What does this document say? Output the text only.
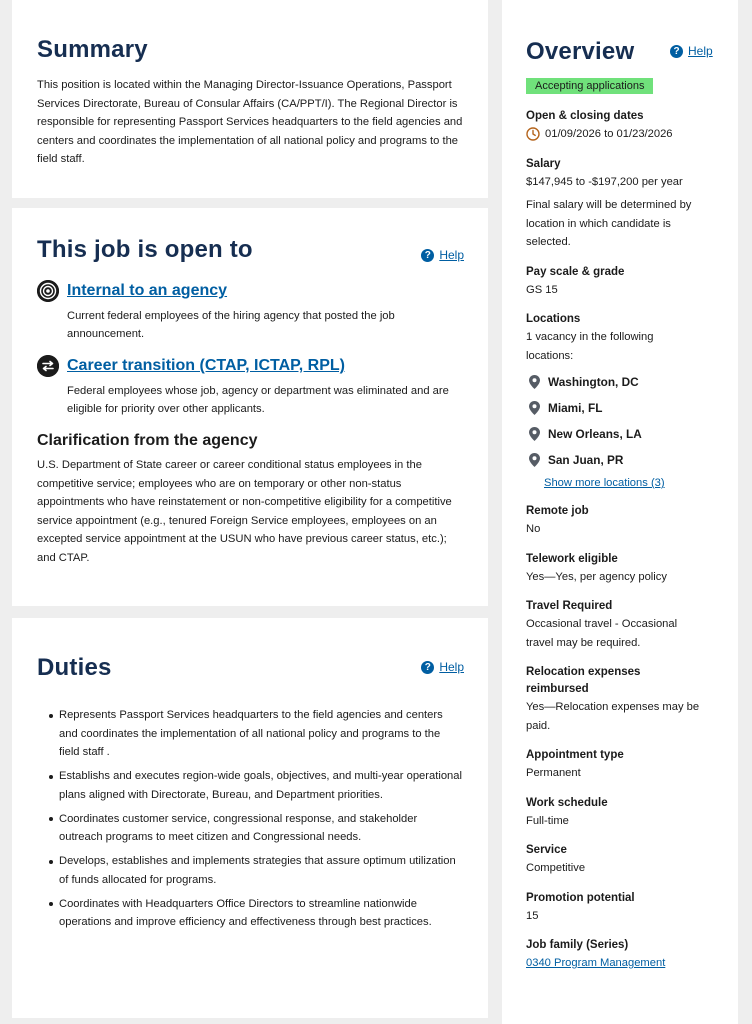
Summary

This position is located within the Managing Director-Issuance Operations, Passport Services Directorate, Bureau of Consular Affairs (CA/PPT/I). The Regional Director is responsible for representing Passport Services headquarters to the field agencies and centers and coordinates the implementation of all national policy and programs to the field staff.

This job is open to	? Help
Internal to an agency

Current federal employees of the hiring agency that posted the job announcement.

Career transition (CTAP, ICTAP, RPL)

Federal employees whose job, agency or department was eliminated and are eligible for priority over other applicants.

Clarification from the agency

U.S. Department of State career or career conditional status employees in the competitive service; employees who are on temporary or other non-status appointments who have reinstatement or non-competitive eligibility for a competitive service appointment (e.g., tenured Foreign Service employees, employees on an excepted service appointment at the USUN who have previous career status, etc.); and CTAP.

Duties	? Help
Represents Passport Services headquarters to the field agencies and centers and coordinates the implementation of all national policy and programs to the field staff .
Establishs and executes region-wide goals, objectives, and multi-year operational plans aligned with Directorate, Bureau, and Department priorities.
Coordinates customer service, congressional response, and stakeholder outreach programs to meet citizen and Congressional needs.
Develops, establishes and implements strategies that assure optimum utilization of funds allocated for programs.
Coordinates with Headquarters Office Directors to streamline nationwide operations and improve efficiency and effectiveness through best practices.
Overview	? Help
Accepting applications
Open & closing dates
01/09/2026 to 01/23/2026
Salary
$147,945 to -$197,200 per year
Final salary will be determined by location in which candidate is selected.
Pay scale & grade
GS 15
Locations
1 vacancy in the following locations:
Washington, DC
Miami, FL
New Orleans, LA
San Juan, PR
Show more locations (3)
Remote job
No
Telework eligible
Yes—Yes, per agency policy
Travel Required
Occasional travel - Occasional travel may be required.
Relocation expenses reimbursed
Yes—Relocation expenses may be paid.
Appointment type
Permanent
Work schedule
Full-time
Service
Competitive
Promotion potential
15
Job family (Series)
0340 Program Management
